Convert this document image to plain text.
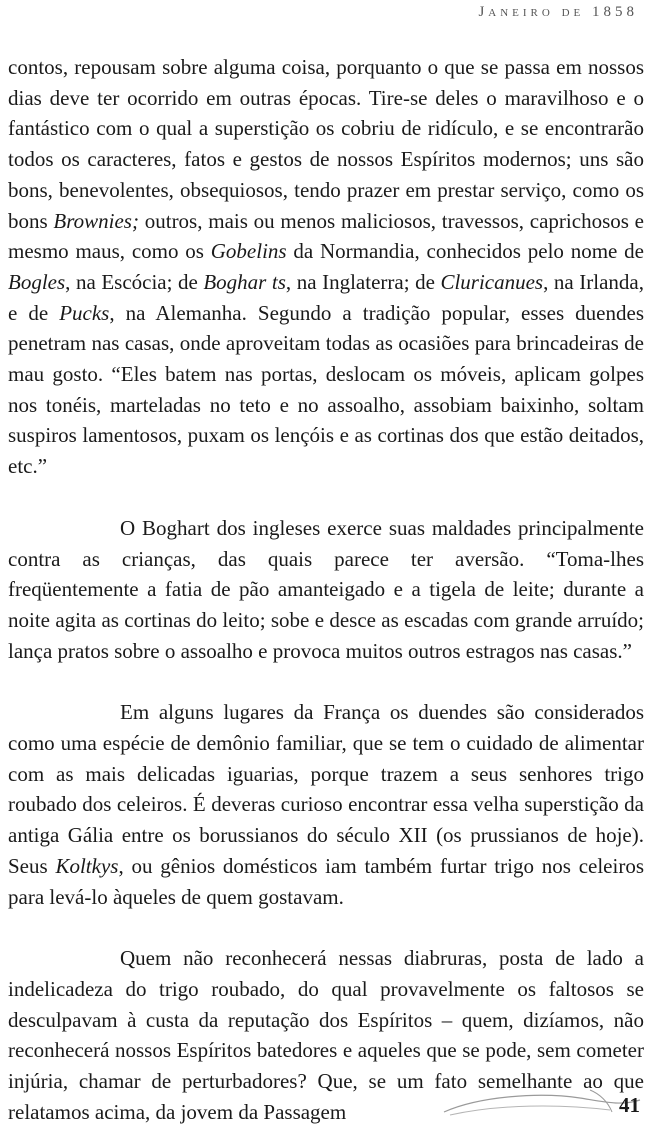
Janeiro de 1858

contos, repousam sobre alguma coisa, porquanto o que se passa em nossos dias deve ter ocorrido em outras épocas. Tire-se deles o maravilhoso e o fantástico com o qual a superstição os cobriu de ridículo, e se encontrarão todos os caracteres, fatos e gestos de nossos Espíritos modernos; uns são bons, benevolentes, obsequiosos, tendo prazer em prestar serviço, como os bons Brownies; outros, mais ou menos maliciosos, travessos, caprichosos e mesmo maus, como os Gobelins da Normandia, conhecidos pelo nome de Bogles, na Escócia; de Boghar ts, na Inglaterra; de Cluricanues, na Irlanda, e de Pucks, na Alemanha. Segundo a tradição popular, esses duendes penetram nas casas, onde aproveitam todas as ocasiões para brincadeiras de mau gosto. “Eles batem nas portas, deslocam os móveis, aplicam golpes nos tonéis, marteladas no teto e no assoalho, assobiam baixinho, soltam suspiros lamentosos, puxam os lençóis e as cortinas dos que estão deitados, etc.”

O Boghart dos ingleses exerce suas maldades principalmente contra as crianças, das quais parece ter aversão. “Toma-lhes freqüentemente a fatia de pão amanteigado e a tigela de leite; durante a noite agita as cortinas do leito; sobe e desce as escadas com grande arruído; lança pratos sobre o assoalho e provoca muitos outros estragos nas casas.”

Em alguns lugares da França os duendes são considerados como uma espécie de demônio familiar, que se tem o cuidado de alimentar com as mais delicadas iguarias, porque trazem a seus senhores trigo roubado dos celeiros. É deveras curioso encontrar essa velha superstição da antiga Gália entre os borussianos do século XII (os prussianos de hoje). Seus Koltkys, ou gênios domésticos iam também furtar trigo nos celeiros para levá-lo àqueles de quem gostavam.

Quem não reconhecerá nessas diabruras, posta de lado a indelicadeza do trigo roubado, do qual provavelmente os faltosos se desculpavam à custa da reputação dos Espíritos – quem, dizíamos, não reconhecerá nossos Espíritos batedores e aqueles que se pode, sem cometer injúria, chamar de perturbadores? Que, se um fato semelhante ao que relatamos acima, da jovem da Passagem	41
